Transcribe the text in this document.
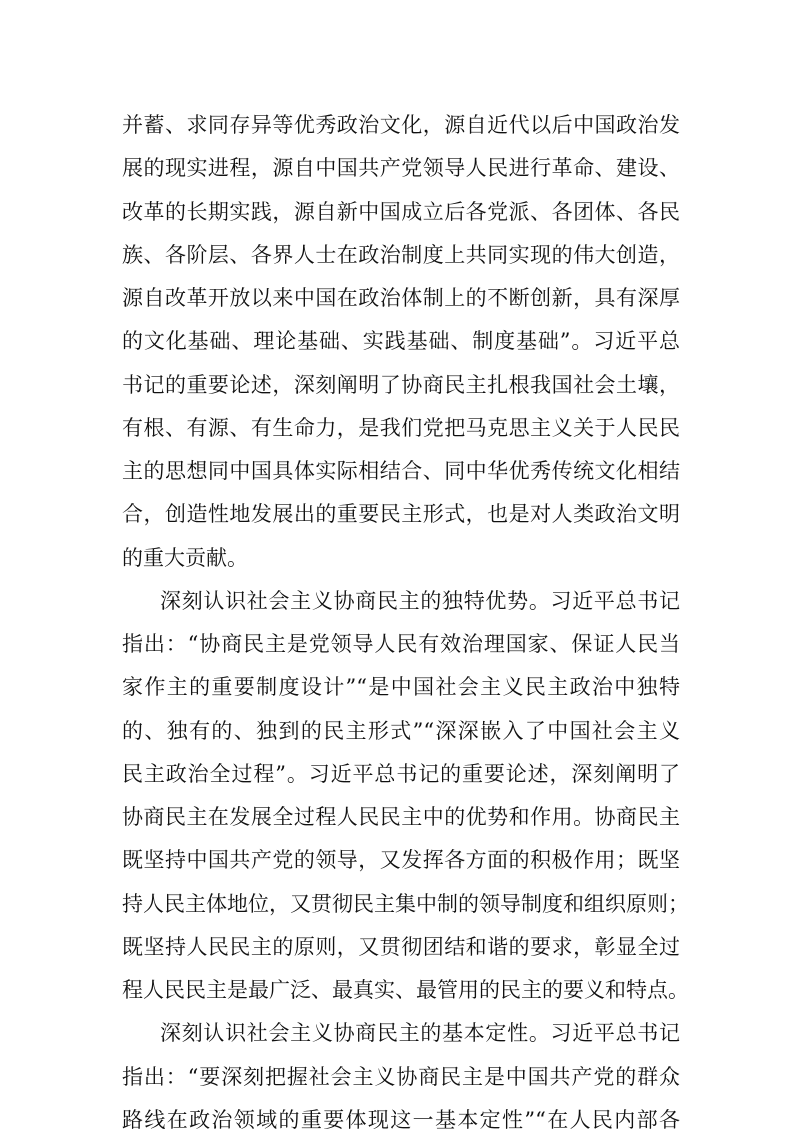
并蓄、求同存异等优秀政治文化，源自近代以后中国政治发
展的现实进程，源自中国共产党领导人民进行革命、建设、
改革的长期实践，源自新中国成立后各党派、各团体、各民
族、各阶层、各界人士在政治制度上共同实现的伟大创造，
源自改革开放以来中国在政治体制上的不断创新，具有深厚
的文化基础、理论基础、实践基础、制度基础”。习近平总
书记的重要论述，深刻阐明了协商民主扎根我国社会土壤，
有根、有源、有生命力，是我们党把马克思主义关于人民民
主的思想同中国具体实际相结合、同中华优秀传统文化相结
合，创造性地发展出的重要民主形式，也是对人类政治文明
的重大贡献。
深刻认识社会主义协商民主的独特优势。习近平总书记
指出：“协商民主是党领导人民有效治理国家、保证人民当
家作主的重要制度设计”“是中国社会主义民主政治中独特
的、独有的、独到的民主形式”“深深嵌入了中国社会主义
民主政治全过程”。习近平总书记的重要论述，深刻阐明了
协商民主在发展全过程人民民主中的优势和作用。协商民主
既坚持中国共产党的领导，又发挥各方面的积极作用；既坚
持人民主体地位，又贯彻民主集中制的领导制度和组织原则；
既坚持人民民主的原则，又贯彻团结和谐的要求，彰显全过
程人民民主是最广泛、最真实、最管用的民主的要义和特点。
深刻认识社会主义协商民主的基本定性。习近平总书记
指出：“要深刻把握社会主义协商民主是中国共产党的群众
路线在政治领域的重要体现这一基本定性”“在人民内部各
